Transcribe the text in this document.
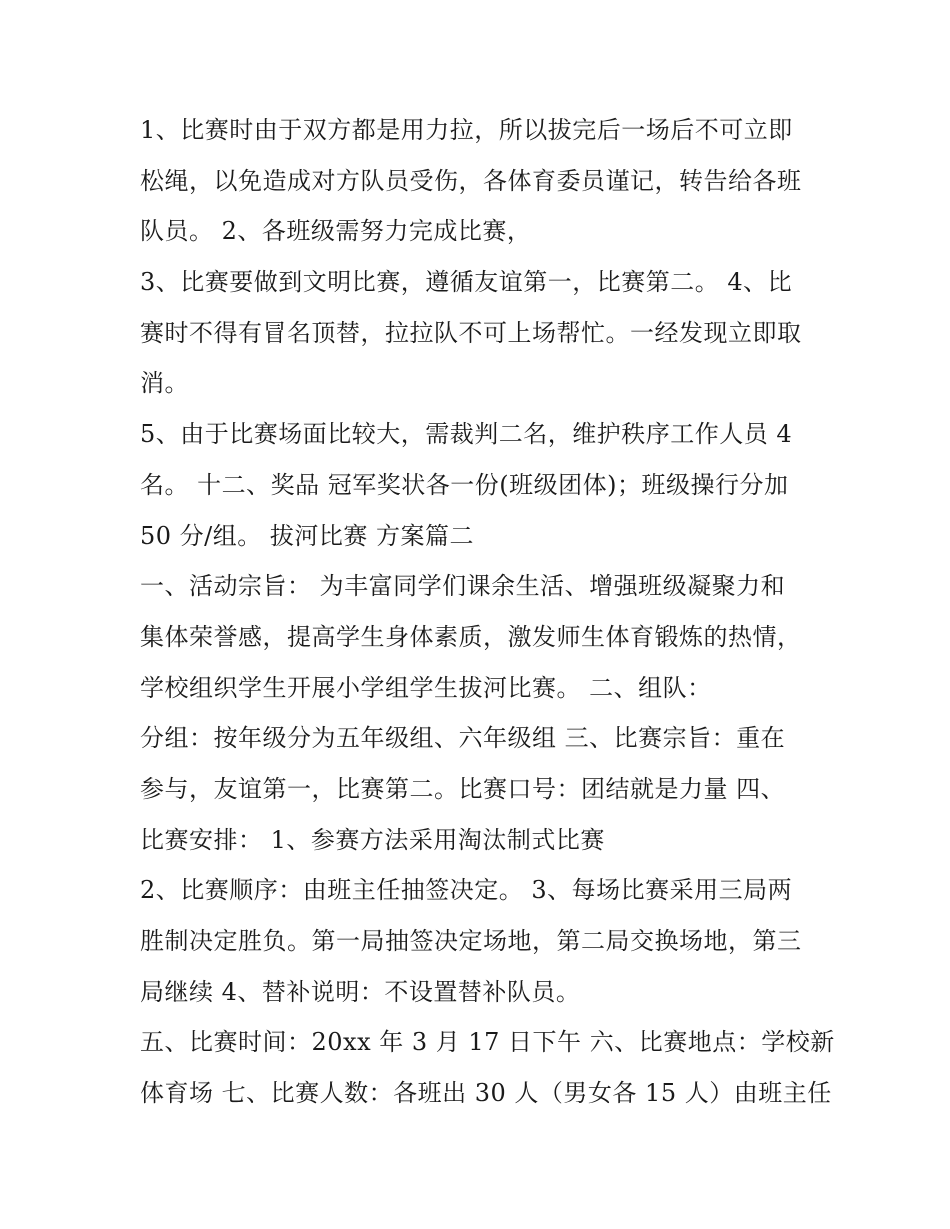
1、比赛时由于双方都是用力拉，所以拔完后一场后不可立即
松绳，以免造成对方队员受伤，各体育委员谨记，转告给各班
队员。 2、各班级需努力完成比赛，
3、比赛要做到文明比赛，遵循友谊第一，比赛第二。 4、比
赛时不得有冒名顶替，拉拉队不可上场帮忙。一经发现立即取
消。
5、由于比赛场面比较大，需裁判二名，维护秩序工作人员 4
名。 十二、奖品 冠军奖状各一份(班级团体)；班级操行分加
50 分/组。 拔河比赛 方案篇二
一、活动宗旨： 为丰富同学们课余生活、增强班级凝聚力和
集体荣誉感，提高学生身体素质，激发师生体育锻炼的热情，
学校组织学生开展小学组学生拔河比赛。 二、组队：
分组：按年级分为五年级组、六年级组 三、比赛宗旨：重在
参与，友谊第一，比赛第二。比赛口号：团结就是力量 四、
比赛安排： 1、参赛方法采用淘汰制式比赛
2、比赛顺序：由班主任抽签决定。 3、每场比赛采用三局两
胜制决定胜负。第一局抽签决定场地，第二局交换场地，第三
局继续 4、替补说明：不设置替补队员。
五、比赛时间：20xx 年 3 月 17 日下午 六、比赛地点：学校新
体育场 七、比赛人数：各班出 30 人（男女各 15 人）由班主任
